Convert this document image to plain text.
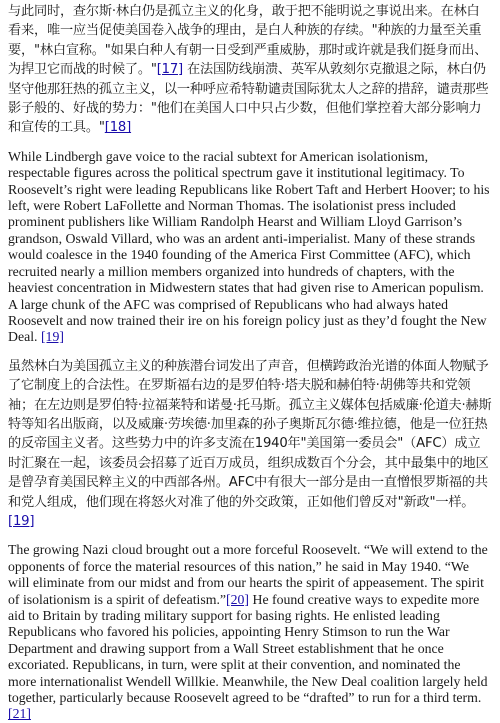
与此同时，查尔斯·林白仍是孤立主义的化身，敢于把不能明说之事说出来。在林白看来，唯一应当促使美国卷入战争的理由，是白人种族的存续。"种族的力量至关重要，"林白宣称。"如果白种人有朝一日受到严重威胁，那时或许就是我们挺身而出、为捍卫它而战的时候了。"[17] 在法国防线崩溃、英军从敦刻尔克撤退之际，林白仍坚守他那狂热的孤立主义，以一种呼应希特勒谴责国际犹太人之辞的措辞，谴责那些影子般的、好战的势力："他们在美国人口中只占少数，但他们掌控着大部分影响力和宣传的工具。"[18]

While Lindbergh gave voice to the racial subtext for American isolationism, respectable figures across the political spectrum gave it institutional legitimacy. To Roosevelt’s right were leading Republicans like Robert Taft and Herbert Hoover; to his left, were Robert LaFollette and Norman Thomas. The isolationist press included prominent publishers like William Randolph Hearst and William Lloyd Garrison’s grandson, Oswald Villard, who was an ardent anti-imperialist. Many of these strands would coalesce in the 1940 founding of the America First Committee (AFC), which recruited nearly a million members organized into hundreds of chapters, with the heaviest concentration in Midwestern states that had given rise to American populism. A large chunk of the AFC was comprised of Republicans who had always hated Roosevelt and now trained their ire on his foreign policy just as they’d fought the New Deal. [19]

虽然林白为美国孤立主义的种族潜台词发出了声音，但横跨政治光谱的体面人物赋予了它制度上的合法性。在罗斯福右边的是罗伯特·塔夫脱和赫伯特·胡佛等共和党领袖；在左边则是罗伯特·拉福莱特和诺曼·托马斯。孤立主义媒体包括威廉·伦道夫·赫斯特等知名出版商，以及威廉·劳埃德·加里森的孙子奥斯瓦尔德·维拉德，他是一位狂热的反帝国主义者。这些势力中的许多支流在1940年"美国第一委员会"（AFC）成立时汇聚在一起，该委员会招募了近百万成员，组织成数百个分会，其中最集中的地区是曾孕育美国民粹主义的中西部各州。AFC中有很大一部分是由一直憎恨罗斯福的共和党人组成，他们现在将怒火对准了他的外交政策，正如他们曾反对"新政"一样。[19]

The growing Nazi cloud brought out a more forceful Roosevelt. “We will extend to the opponents of force the material resources of this nation,” he said in May 1940. “We will eliminate from our midst and from our hearts the spirit of appeasement. The spirit of isolationism is a spirit of defeatism.”[20] He found creative ways to expedite more aid to Britain by trading military support for basing rights. He enlisted leading Republicans who favored his policies, appointing Henry Stimson to run the War Department and drawing support from a Wall Street establishment that he once excoriated. Republicans, in turn, were split at their convention, and nominated the more internationalist Wendell Willkie. Meanwhile, the New Deal coalition largely held together, particularly because Roosevelt agreed to be “drafted” to run for a third term.[21]
